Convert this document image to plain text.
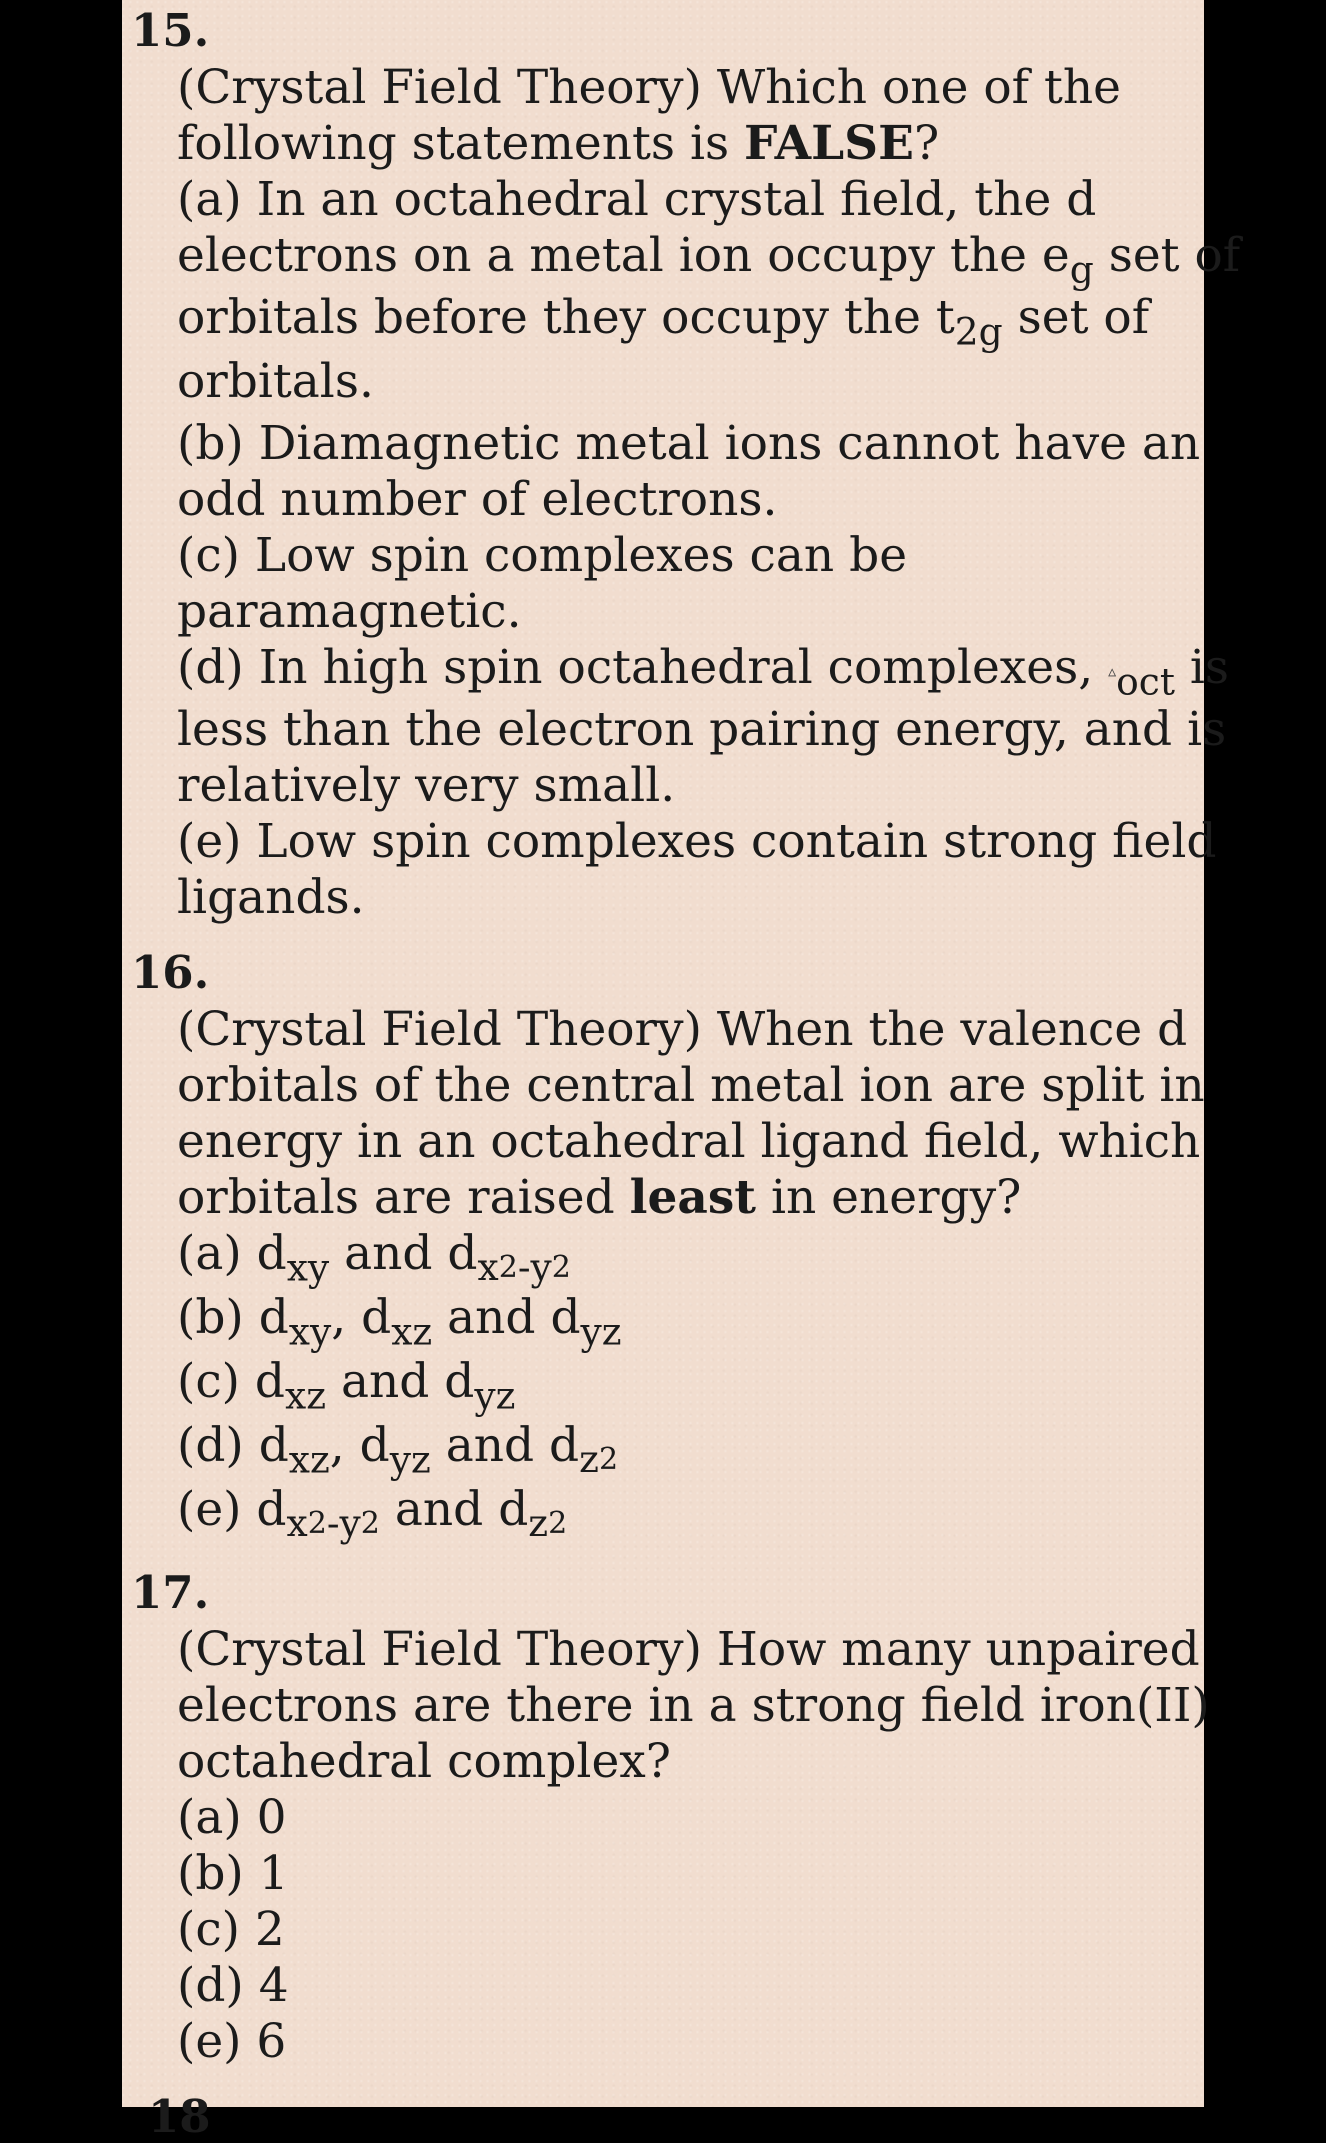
15.
(Crystal Field Theory) Which one of the
following statements is FALSE?
(a) In an octahedral crystal field, the d
electrons on a metal ion occupy the $e_g$ set of
orbitals before they occupy the $t_{2g}$ set of
orbitals.
(b) Diamagnetic metal ions cannot have an
odd number of electrons.
(c) Low spin complexes can be
paramagnetic.
(d) In high spin octahedral complexes, $▵_{oct}$ is
less than the electron pairing energy, and is
relatively very small.
(e) Low spin complexes contain strong field
ligands.
16.
(Crystal Field Theory) When the valence d
orbitals of the central metal ion are split in
energy in an octahedral ligand field, which
orbitals are raised least in energy?
(a) $d_{xy}$ and $d_{x^2-y^2}$
(b) $d_{xy}$, $d_{xz}$ and $d_{yz}$
(c) $d_{xz}$ and $d_{yz}$
(d) $d_{xz}$, $d_{yz}$ and $d_{z^2}$
(e) $d_{x^2-y^2}$ and $d_{z^2}$
17.
(Crystal Field Theory) How many unpaired
electrons are there in a strong field iron(II)
octahedral complex?
(a) 0
(b) 1
(c) 2
(d) 4
(e) 6
18
